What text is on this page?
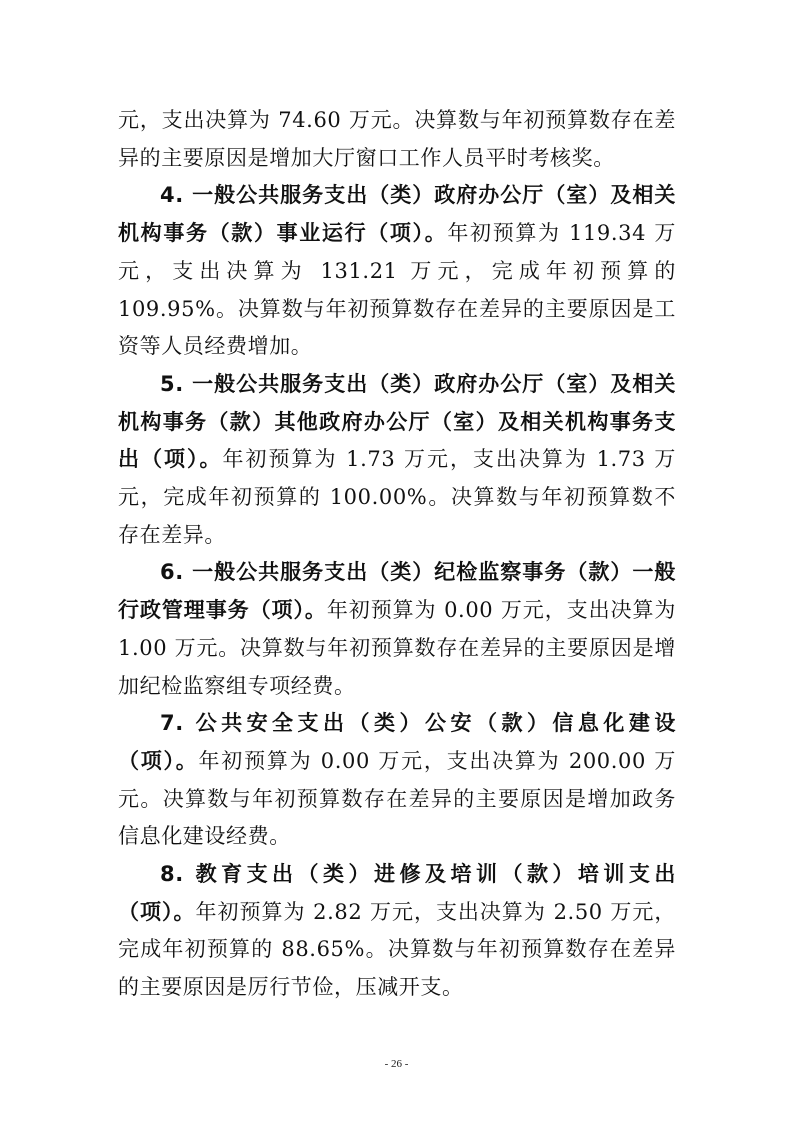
元，支出决算为 74.60 万元。决算数与年初预算数存在差异的主要原因是增加大厅窗口工作人员平时考核奖。

4. 一般公共服务支出（类）政府办公厅（室）及相关机构事务（款）事业运行（项）。年初预算为 119.34 万元，支出决算为 131.21 万元，完成年初预算的 109.95%。决算数与年初预算数存在差异的主要原因是工资等人员经费增加。

5. 一般公共服务支出（类）政府办公厅（室）及相关机构事务（款）其他政府办公厅（室）及相关机构事务支出（项）。年初预算为 1.73 万元，支出决算为 1.73 万元，完成年初预算的 100.00%。决算数与年初预算数不存在差异。

6. 一般公共服务支出（类）纪检监察事务（款）一般行政管理事务（项）。年初预算为 0.00 万元，支出决算为 1.00 万元。决算数与年初预算数存在差异的主要原因是增加纪检监察组专项经费。

7. 公共安全支出（类）公安（款）信息化建设（项）。年初预算为 0.00 万元，支出决算为 200.00 万元。决算数与年初预算数存在差异的主要原因是增加政务信息化建设经费。

8. 教育支出（类）进修及培训（款）培训支出（项）。年初预算为 2.82 万元，支出决算为 2.50 万元，完成年初预算的 88.65%。决算数与年初预算数存在差异的主要原因是厉行节俭，压减开支。

- 26 -
